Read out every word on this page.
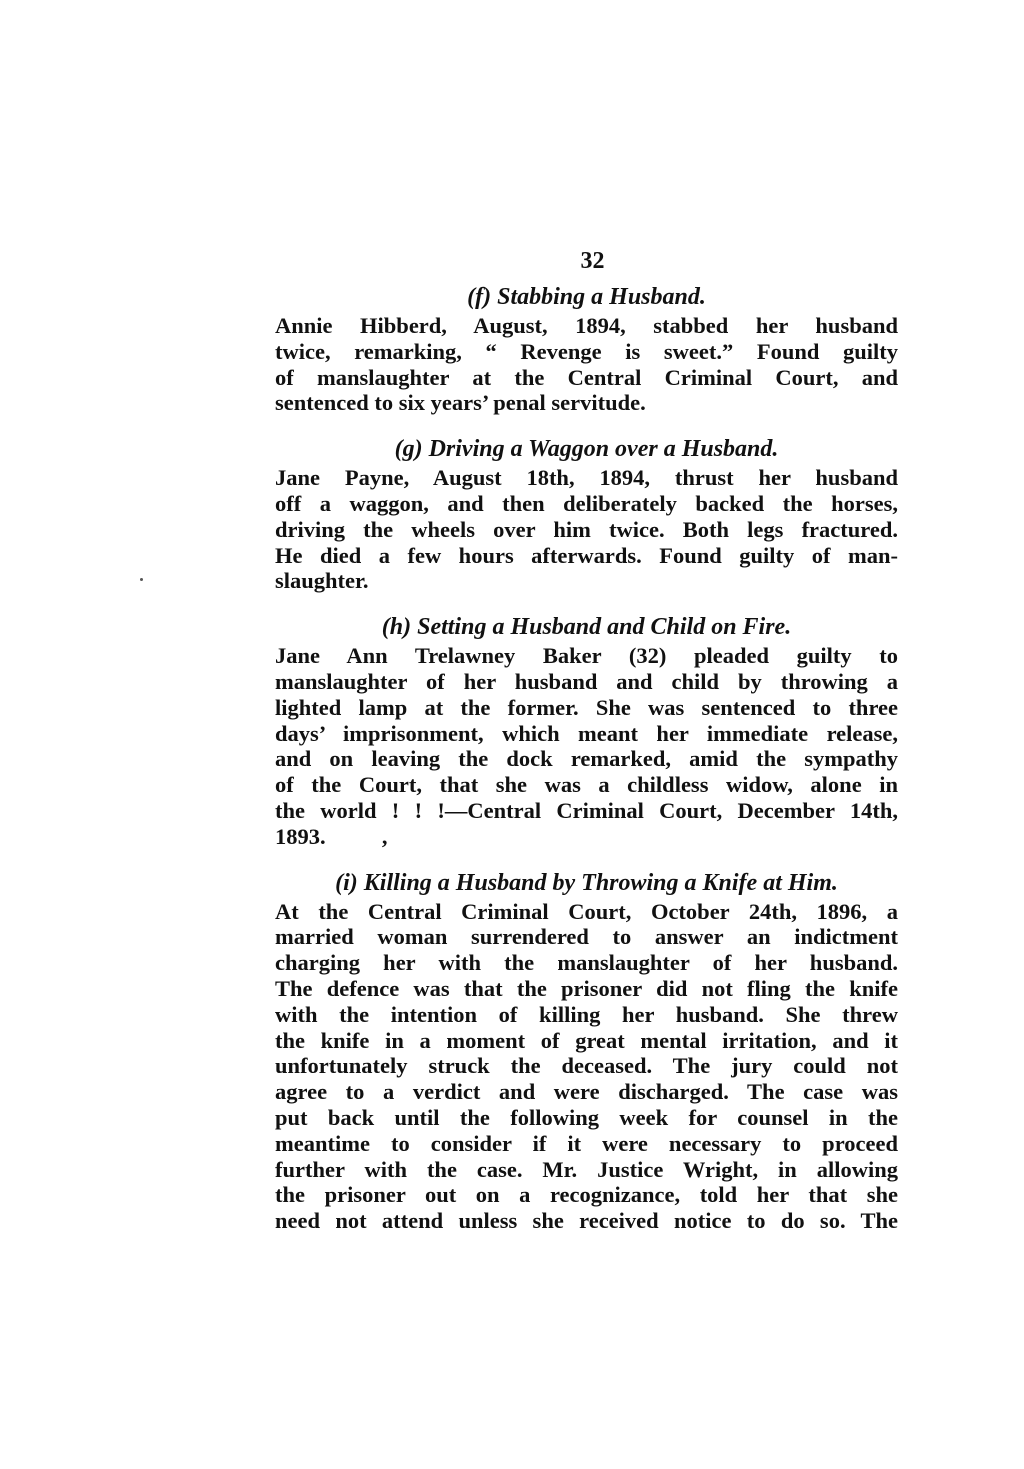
32
(f) Stabbing a Husband.
Annie Hibberd, August, 1894, stabbed her husband
twice, remarking, “ Revenge is sweet.” Found guilty
of manslaughter at the Central Criminal Court, and
sentenced to six years’ penal servitude.
(g) Driving a Waggon over a Husband.
Jane Payne, August 18th, 1894, thrust her husband
off a waggon, and then deliberately backed the horses,
driving the wheels over him twice. Both legs fractured.
He died a few hours afterwards. Found guilty of man-
slaughter.
(h) Setting a Husband and Child on Fire.
Jane Ann Trelawney Baker (32) pleaded guilty to
manslaughter of her husband and child by throwing a
lighted lamp at the former. She was sentenced to three
days’ imprisonment, which meant her immediate release,
and on leaving the dock remarked, amid the sympathy
of the Court, that she was a childless widow, alone in
the world ! ! !—Central Criminal Court, December 14th,
1893.          ,
(i) Killing a Husband by Throwing a Knife at Him.
At the Central Criminal Court, October 24th, 1896, a
married woman surrendered to answer an indictment
charging her with the manslaughter of her husband.
The defence was that the prisoner did not fling the knife
with the intention of killing her husband. She threw
the knife in a moment of great mental irritation, and it
unfortunately struck the deceased. The jury could not
agree to a verdict and were discharged. The case was
put back until the following week for counsel in the
meantime to consider if it were necessary to proceed
further with the case. Mr. Justice Wright, in allowing
the prisoner out on a recognizance, told her that she
need not attend unless she received notice to do so. The
